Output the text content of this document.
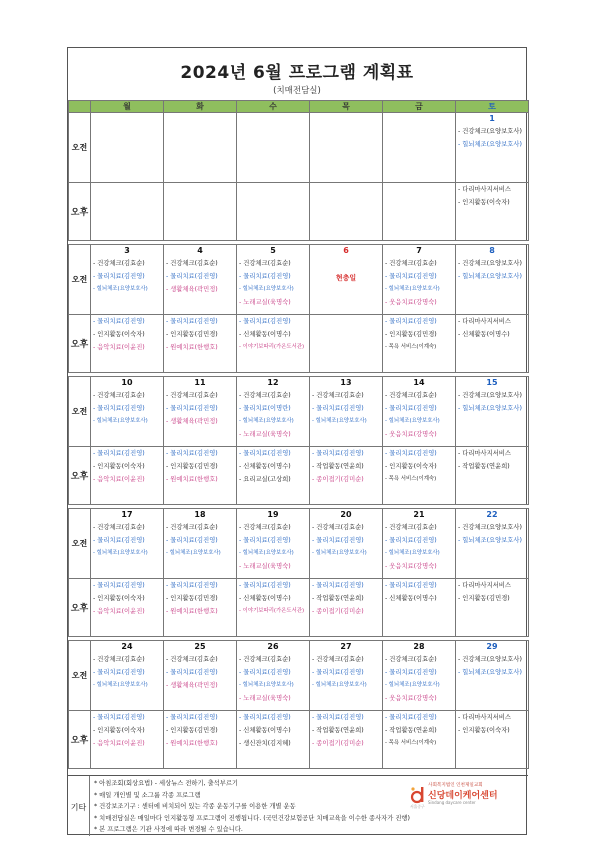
2024년 6월 프로그램 계획표
(치매전담실)
	월	화	수	목	금	토
오전						1

						- 건강체크(요양보호사)
- 힐뇌체조(요양보호사)

오후						- 다리마사지서비스
- 인지활동(이숙자)

오전	3	4	5	6	7	8

	- 건강체크(김효순)
- 물리치료(김진영)
- 힐뇌체조(요양보호사)	- 건강체크(김효순)
- 물리치료(김진영)
- 생활체육(곽민정)	- 건강체크(김효순)
- 물리치료(김진영)
- 힐뇌체조(요양보호사)
- 노래교실(육명숙)	현충일	- 건강체크(김효순)
- 물리치료(김진영)
- 힐뇌체조(요양보호사)
- 웃음치료(강명숙)	- 건강체크(요양보호사)
- 힐뇌체조(요양보호사)

오후	- 물리치료(김진영)
- 인지활동(이숙자)
- 음악치료(이윤진)	- 물리치료(김진영)
- 인지활동(김민경)
- 원예치료(한행호)	- 물리치료(김진영)
- 신체활동(이명수)
- 이야기보따리(가온도서관)		- 물리치료(김진영)
- 인지활동(김민경)
- 목욕 서비스(이계숙)	- 다리마사지서비스
- 신체활동(이명수)

오전	10	11	12	13	14	15

	- 건강체크(김효순)
- 물리치료(김진영)
- 힐뇌체조(요양보호사)	- 건강체크(김효순)
- 물리치료(김진영)
- 생활체육(곽민정)	- 건강체크(김효순)
- 물리치료(이명란)
- 힐뇌체조(요양보호사)
- 노래교실(육명숙)	- 건강체크(김효순)
- 물리치료(김진영)
- 힐뇌체조(요양보호사)	- 건강체크(김효순)
- 물리치료(김진영)
- 힐뇌체조(요양보호사)
- 웃음치료(강명숙)	- 건강체크(요양보호사)
- 힐뇌체조(요양보호사)

오후	- 물리치료(김진영)
- 인지활동(이숙자)
- 음악치료(이윤진)	- 물리치료(김진영)
- 인지활동(김민경)
- 원예치료(한행호)	- 물리치료(김진영)
- 신체활동(이명수)
- 요리교실(고상희)	- 물리치료(김진영)
- 작업활동(연윤희)
- 종이접기(김미순)	- 물리치료(김진영)
- 인지활동(이숙자)
- 목욕 서비스(이계숙)	- 다리마사지서비스
- 작업활동(연윤희)

오전	17	18	19	20	21	22

	- 건강체크(김효순)
- 물리치료(김진영)
- 힐뇌체조(요양보호사)	- 건강체크(김효순)
- 물리치료(김진영)
- 힐뇌체조(요양보호사)	- 건강체크(김효순)
- 물리치료(김진영)
- 힐뇌체조(요양보호사)
- 노래교실(육명숙)	- 건강체크(김효순)
- 물리치료(김진영)
- 힐뇌체조(요양보호사)	- 건강체크(김효순)
- 물리치료(김진영)
- 힐뇌체조(요양보호사)
- 웃음치료(강명숙)	- 건강체크(요양보호사)
- 힐뇌체조(요양보호사)

오후	- 물리치료(김진영)
- 인지활동(이숙자)
- 음악치료(이윤진)	- 물리치료(김진영)
- 인지활동(김민경)
- 원예치료(한행호)	- 물리치료(김진영)
- 신체활동(이명수)
- 이야기보따리(가온도서관)	- 물리치료(김진영)
- 작업활동(연윤희)
- 종이접기(김미순)	- 물리치료(김진영)
- 신체활동(이명수)	- 다리마사지서비스
- 인지활동(김민경)

오전	24	25	26	27	28	29

	- 건강체크(김효순)
- 물리치료(김진영)
- 힐뇌체조(요양보호사)	- 건강체크(김효순)
- 물리치료(김진영)
- 생활체육(곽민정)	- 건강체크(김효순)
- 물리치료(김진영)
- 힐뇌체조(요양보호사)
- 노래교실(육명숙)	- 건강체크(김효순)
- 물리치료(김진영)
- 힐뇌체조(요양보호사)	- 건강체크(김효순)
- 물리치료(김진영)
- 힐뇌체조(요양보호사)
- 웃음치료(강명숙)	- 건강체크(요양보호사)
- 힐뇌체조(요양보호사)

오후	- 물리치료(김진영)
- 인지활동(이숙자)
- 음악치료(이윤진)	- 물리치료(김진영)
- 인지활동(김민경)
- 원예치료(한행호)	- 물리치료(김진영)
- 신체활동(이명수)
- 생신잔치(김지혜)	- 물리치료(김진영)
- 작업활동(연윤희)
- 종이접기(김미순)	- 물리치료(김진영)
- 작업활동(연윤희)
- 목욕 서비스(이계숙)	- 다리마사지서비스
- 인지활동(이숙자)
기타
* 아침조회(회상요법) - 세상뉴스 전하기, 출석부르기
* 매일 개인별 및 소그룹 각종 프로그램
* 건강보조기구 : 센터에 비치되어 있는 각종 운동기구를 이용한 개별 운동
* 치매전담실은 매일마다 인지활동형 프로그램이 진행됩니다. (국민건강보험공단 치매교육을 이수한 종사자가 진행)
* 본 프로그램은 기관 사정에 따라 변경될 수 있습니다.
사회복지법인 인천제일교회
신당데이케어센터
Sindang daycare center
서울중구
